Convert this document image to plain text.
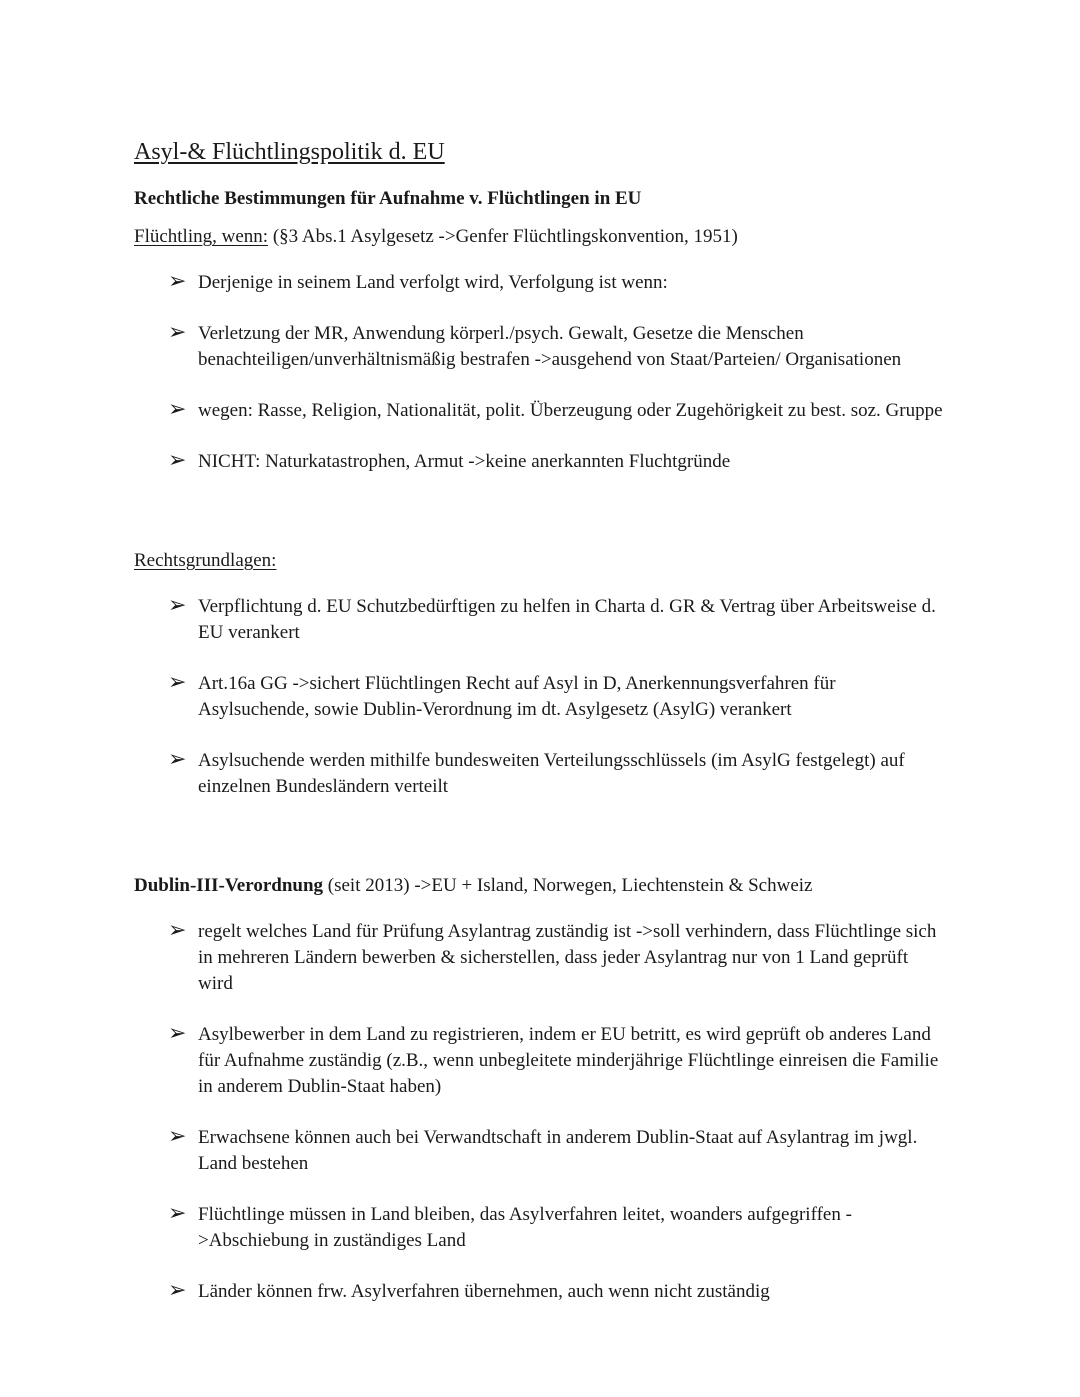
Asyl-& Flüchtlingspolitik d. EU

Rechtliche Bestimmungen für Aufnahme v. Flüchtlingen in EU

Flüchtling, wenn: (§3 Abs.1 Asylgesetz ->Genfer Flüchtlingskonvention, 1951)

➢ Derjenige in seinem Land verfolgt wird, Verfolgung ist wenn:
➢ Verletzung der MR, Anwendung körperl./psych. Gewalt, Gesetze die Menschen benachteiligen/unverhältnismäßig bestrafen ->ausgehend von Staat/Parteien/ Organisationen
➢ wegen: Rasse, Religion, Nationalität, polit. Überzeugung oder Zugehörigkeit zu best. soz. Gruppe
➢ NICHT: Naturkatastrophen, Armut ->keine anerkannten Fluchtgründe

Rechtsgrundlagen:

➢ Verpflichtung d. EU Schutzbedürftigen zu helfen in Charta d. GR & Vertrag über Arbeitsweise d. EU verankert
➢ Art.16a GG ->sichert Flüchtlingen Recht auf Asyl in D, Anerkennungsverfahren für Asylsuchende, sowie Dublin-Verordnung im dt. Asylgesetz (AsylG) verankert
➢ Asylsuchende werden mithilfe bundesweiten Verteilungsschlüssels (im AsylG festgelegt) auf einzelnen Bundesländern verteilt

Dublin-III-Verordnung (seit 2013) ->EU + Island, Norwegen, Liechtenstein & Schweiz

➢ regelt welches Land für Prüfung Asylantrag zuständig ist ->soll verhindern, dass Flüchtlinge sich in mehreren Ländern bewerben & sicherstellen, dass jeder Asylantrag nur von 1 Land geprüft wird
➢ Asylbewerber in dem Land zu registrieren, indem er EU betritt, es wird geprüft ob anderes Land für Aufnahme zuständig (z.B., wenn unbegleitete minderjährige Flüchtlinge einreisen die Familie in anderem Dublin-Staat haben)
➢ Erwachsene können auch bei Verwandtschaft in anderem Dublin-Staat auf Asylantrag im jwgl. Land bestehen
➢ Flüchtlinge müssen in Land bleiben, das Asylverfahren leitet, woanders aufgegriffen - >Abschiebung in zuständiges Land
➢ Länder können frw. Asylverfahren übernehmen, auch wenn nicht zuständig
